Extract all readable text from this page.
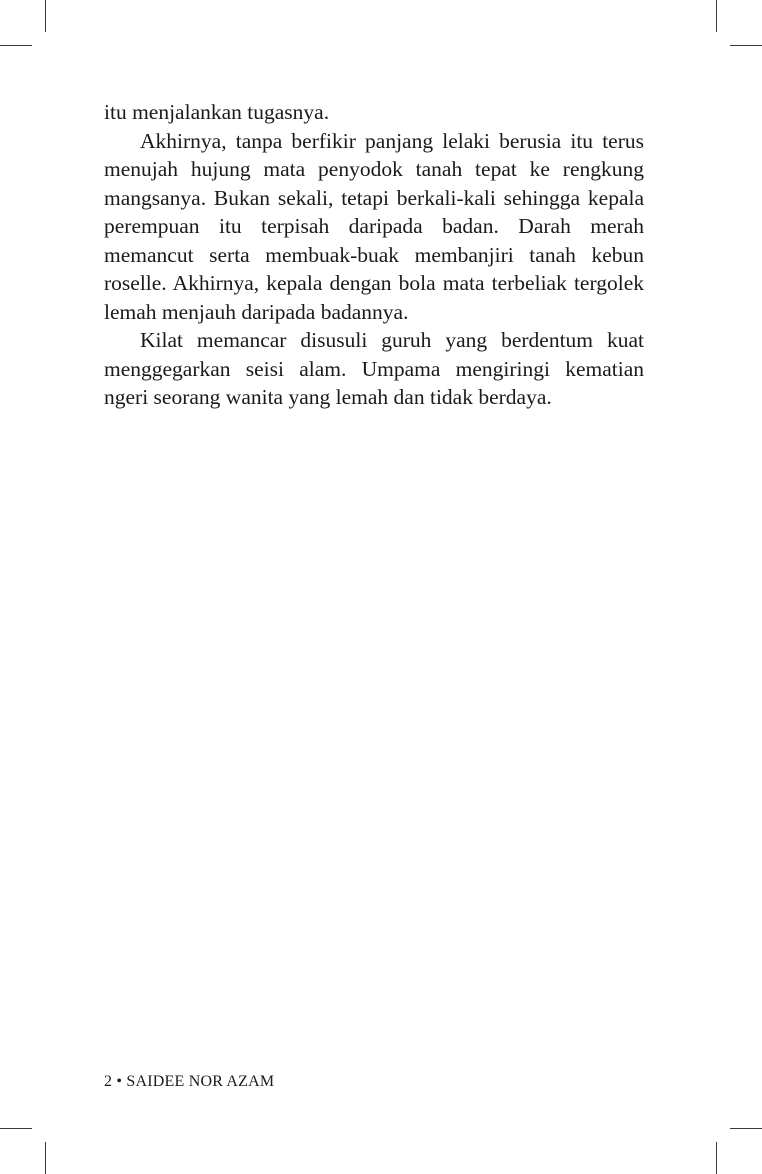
itu menjalankan tugasnya.

Akhirnya, tanpa berfikir panjang lelaki berusia itu terus menujah hujung mata penyodok tanah tepat ke rengkung mangsanya. Bukan sekali, tetapi berkali-kali sehingga kepala perempuan itu terpisah daripada badan. Darah merah memancut serta membuak-buak membanjiri tanah kebun roselle. Akhirnya, kepala dengan bola mata terbeliak tergolek lemah menjauh daripada badannya.

Kilat memancar disusuli guruh yang berdentum kuat menggegarkan seisi alam. Umpama mengiringi kematian ngeri seorang wanita yang lemah dan tidak berdaya.

2 • SAIDEE NOR AZAM
